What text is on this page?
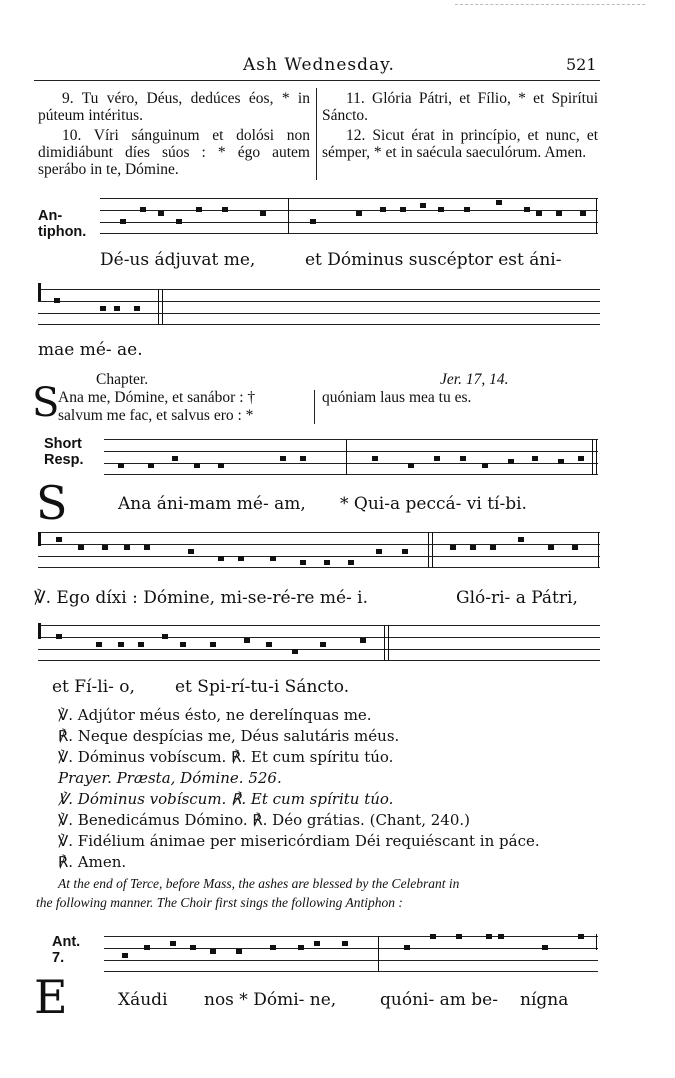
Ash Wednesday.	521

9. Tu véro, Déus, dedúces éos, * in púteum intéritus.

10. Víri sánguinum et dolósi non dimidiábunt díes súos : * égo autem sperábo in te, Dómine.

11. Glória Pátri, et Fílio, * et Spirítui Sáncto.

12. Sicut érat in princípio, et nunc, et sémper, * et in saécula saeculórum. Amen.

An-
tiphon.
Dé-us ádjuvat me,	et Dóminus suscéptor est áni-
mae mé- ae.
Chapter.	Jer. 17, 14.
S
Ana me, Dómine, et sanábor : †
salvum me fac, et salvus ero : *
quóniam laus mea tu es.
Short
Resp.
S	Ana áni-mam mé- am, * Qui-a peccá- vi tí-bi.
℣. Ego díxi : Dómine, mi-se-ré-re mé- i.	Gló-ri- a Pátri,
et Fí-li- o, et Spi-rí-tu-i Sáncto.
℣. Adjútor méus ésto, ne derelínquas me.
℟. Neque despícias me, Déus salutáris méus.
℣. Dóminus vobíscum. ℟. Et cum spíritu túo.
Prayer. Præsta, Dómine. 526.
℣. Dóminus vobíscum. ℟. Et cum spíritu túo.
℣. Benedicámus Dómino. ℟. Déo grátias. (Chant, 240.)
℣. Fidélium ánimae per misericórdiam Déi requiéscant in páce.
℟. Amen.
At the end of Terce, before Mass, the ashes are blessed by the Celebrant in
the following manner. The Choir first sings the following Antiphon :
Ant.
7.
E	Xáudi nos * Dómi- ne,	quóni- am be- nígna
